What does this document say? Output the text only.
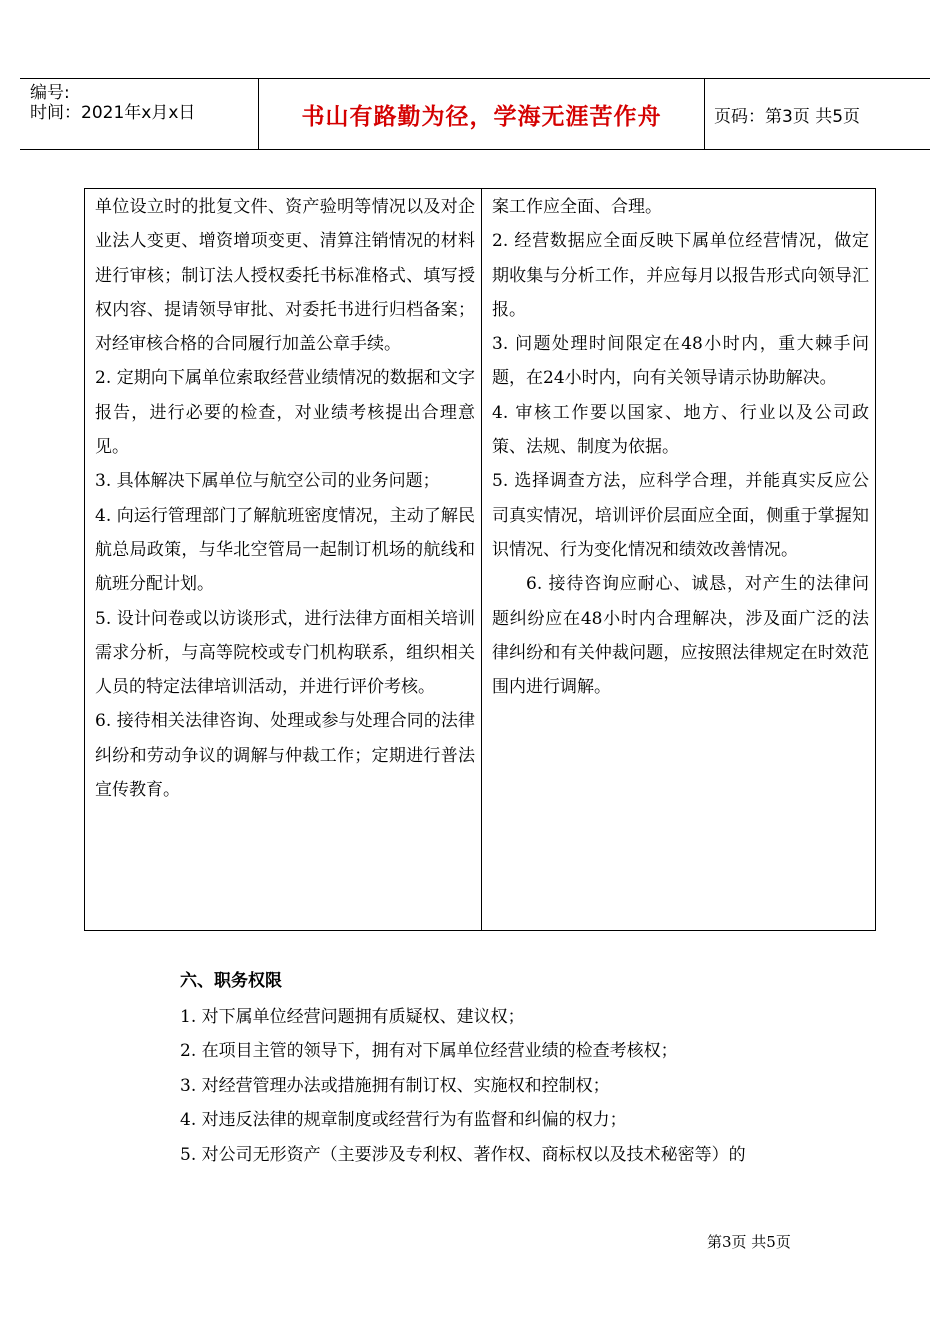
编号:
时间：2021年x月x日	书山有路勤为径，学海无涯苦作舟	页码：第3页 共5页

单位设立时的批复文件、资产验明等情况以及对企业法人变更、增资增项变更、清算注销情况的材料进行审核；制订法人授权委托书标准格式、填写授权内容、提请领导审批、对委托书进行归档备案；对经审核合格的合同履行加盖公章手续。

2. 定期向下属单位索取经营业绩情况的数据和文字报告，进行必要的检查，对业绩考核提出合理意见。

3. 具体解决下属单位与航空公司的业务问题；

4. 向运行管理部门了解航班密度情况，主动了解民航总局政策，与华北空管局一起制订机场的航线和航班分配计划。

5. 设计问卷或以访谈形式，进行法律方面相关培训需求分析，与高等院校或专门机构联系，组织相关人员的特定法律培训活动，并进行评价考核。

6. 接待相关法律咨询、处理或参与处理合同的法律纠纷和劳动争议的调解与仲裁工作；定期进行普法宣传教育。

案工作应全面、合理。

2. 经营数据应全面反映下属单位经营情况，做定期收集与分析工作，并应每月以报告形式向领导汇报。

3. 问题处理时间限定在48小时内，重大棘手问题，在24小时内，向有关领导请示协助解决。

4. 审核工作要以国家、地方、行业以及公司政策、法规、制度为依据。

5. 选择调查方法，应科学合理，并能真实反应公司真实情况，培训评价层面应全面，侧重于掌握知识情况、行为变化情况和绩效改善情况。

6. 接待咨询应耐心、诚恳，对产生的法律问题纠纷应在48小时内合理解决，涉及面广泛的法律纠纷和有关仲裁问题，应按照法律规定在时效范围内进行调解。

六、职务权限

1. 对下属单位经营问题拥有质疑权、建议权；

2. 在项目主管的领导下，拥有对下属单位经营业绩的检查考核权；

3. 对经营管理办法或措施拥有制订权、实施权和控制权；

4. 对违反法律的规章制度或经营行为有监督和纠偏的权力；

5. 对公司无形资产（主要涉及专利权、著作权、商标权以及技术秘密等）的

第3页 共5页
